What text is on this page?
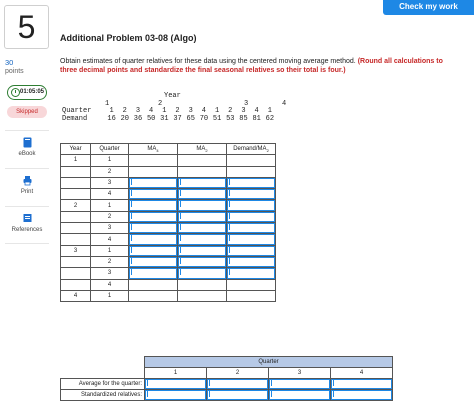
Check my work
5
30
points
01:05:05
Skipped
eBook
Print
References
Additional Problem 03-08 (Algo)
Obtain estimates of quarter relatives for these data using the centered moving average method. (Round all calculations to three decimal points and standardize the final seasonal relatives so their total is four.)
Year
1	2	3	4
Quarter	1	2	3	4	1	2	3	4	1	2	3	4	1
Demand	16 20 36 50 31 37 65 70 51 53 85 81 62
Year	Quarter	$MA_4$	$MA_2$	Demand/$MA_2$
1	1			
	2			
	3	

	4	

2	1	

	2	

	3	

	4	

3	1	

	2	

	3	

	4			
4	1			
	Quarter			
	1	2	3	4
Average for the quarter:	

Standardized relatives:	
